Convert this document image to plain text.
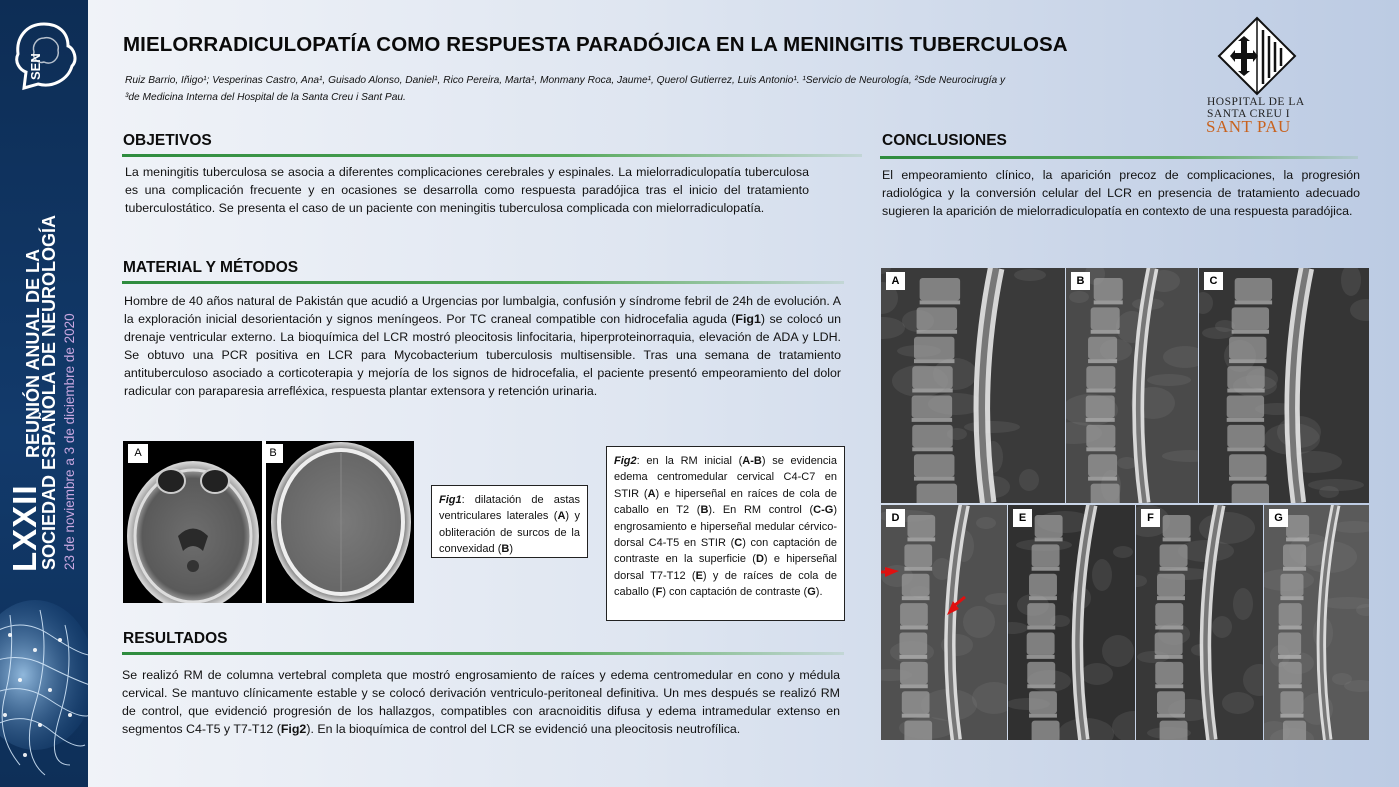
SEN
LXXII
REUNIÓN ANUAL DE LA
SOCIEDAD ESPAÑOLA DE NEUROLOGÍA 23 de noviembre a 3 de diciembre de 2020
MIELORRADICULOPATÍA COMO RESPUESTA PARADÓJICA EN LA MENINGITIS TUBERCULOSA
Ruiz Barrio, Iñigo¹; Vesperinas Castro, Ana¹, Guisado Alonso, Daniel¹, Rico Pereira, Marta¹, Monmany Roca, Jaume¹, Querol Gutierrez, Luis Antonio¹. ¹Servicio de Neurología, ²Sde Neurocirugía y
³de Medicina Interna del Hospital de la Santa Creu i Sant Pau.	HOSPITAL DE LA
SANTA CREU I
SANT PAU
OBJETIVOS
La meningitis tuberculosa se asocia a diferentes complicaciones cerebrales y espinales. La mielorradiculopatía tuberculosa es una complicación frecuente y en ocasiones se desarrolla como respuesta paradójica tras el inicio del tratamiento tuberculostático. Se presenta el caso de un paciente con meningitis tuberculosa complicada con mielorradiculopatía.
MATERIAL Y MÉTODOS
Hombre de 40 años natural de Pakistán que acudió a Urgencias por lumbalgia, confusión y síndrome febril de 24h de evolución. A la exploración inicial desorientación y signos meníngeos. Por TC craneal compatible con hidrocefalia aguda (Fig1) se colocó un drenaje ventricular externo. La bioquímica del LCR mostró pleocitosis linfocitaria, hiperproteinorraquia, elevación de ADA y LDH. Se obtuvo una PCR positiva en LCR para Mycobacterium tuberculosis multisensible. Tras una semana de tratamiento antituberculoso asociado a corticoterapia y mejoría de los signos de hidrocefalia, el paciente presentó empeoramiento del dolor radicular con paraparesia arrefléxica, respuesta plantar extensora y retención urinaria.
A	B
Fig1: dilatación de astas ventriculares laterales (A) y obliteración de surcos de la convexidad (B)
Fig2: en la RM inicial (A-B) se evidencia edema centromedular cervical C4-C7 en STIR (A) e hiperseñal en raíces de cola de caballo en T2 (B). En RM control (C-G) engrosamiento e hiperseñal medular cérvico-dorsal C4-T5 en STIR (C) con captación de contraste en la superficie (D) e hiperseñal dorsal T7-T12 (E) y de raíces de cola de caballo (F) con captación de contraste (G).
RESULTADOS
Se realizó RM de columna vertebral completa que mostró engrosamiento de raíces y edema centromedular en cono y médula cervical. Se mantuvo clínicamente estable y se colocó derivación ventriculo-peritoneal definitiva. Un mes después se realizó RM de control, que evidenció progresión de los hallazgos, compatibles con aracnoiditis difusa y edema intramedular extenso en segmentos C4-T5 y T7-T12 (Fig2). En la bioquímica de control del LCR se evidenció una pleocitosis neutrofílica.
CONCLUSIONES
El empeoramiento clínico, la aparición precoz de complicaciones, la progresión radiológica y la conversión celular del LCR en presencia de tratamiento adecuado sugieren la aparición de mielorradiculopatía en contexto de una respuesta paradójica.
A	B	C
D	E	F	G
